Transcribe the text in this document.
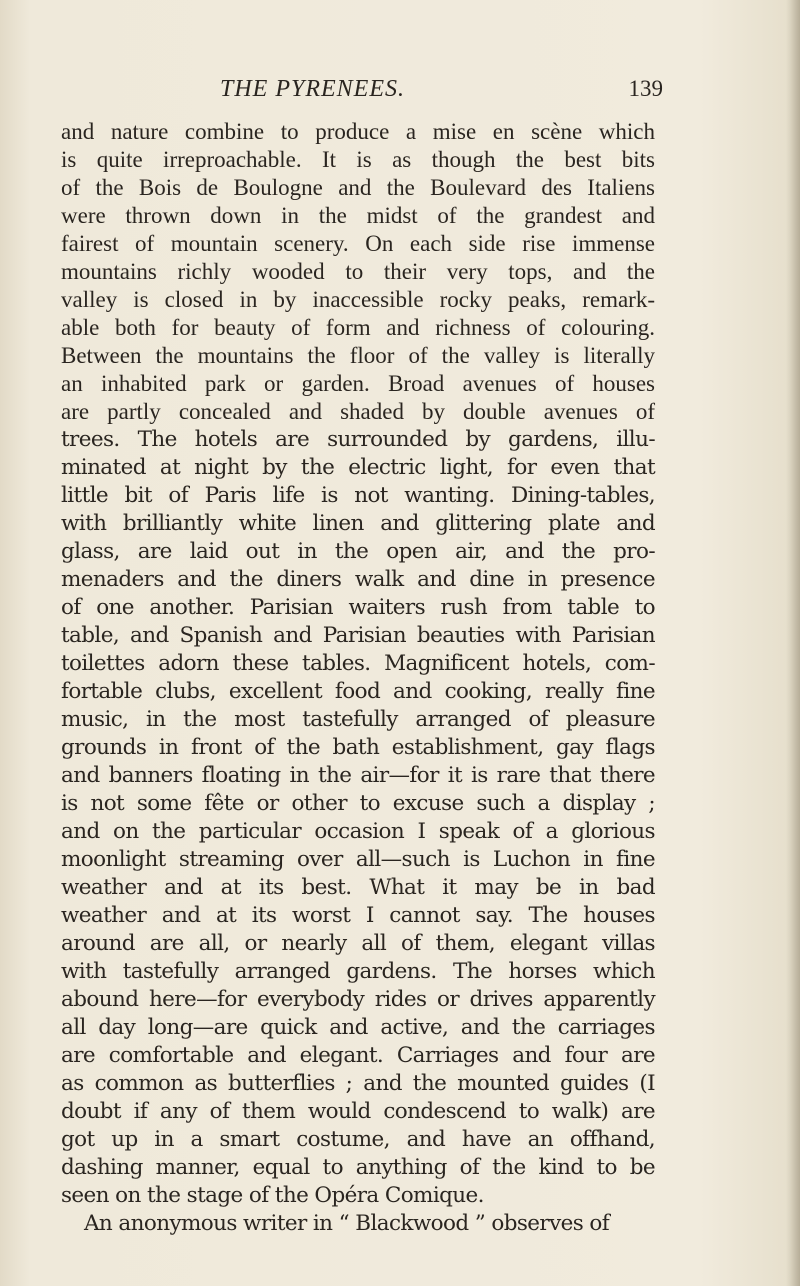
THE PYRENEES.	139
and nature combine to produce a mise en scène which
is quite irreproachable. It is as though the best bits
of the Bois de Boulogne and the Boulevard des Italiens
were thrown down in the midst of the grandest and
fairest of mountain scenery. On each side rise immense
mountains richly wooded to their very tops, and the
valley is closed in by inaccessible rocky peaks, remark-
able both for beauty of form and richness of colouring.
Between the mountains the floor of the valley is literally
an inhabited park or garden. Broad avenues of houses
are partly concealed and shaded by double avenues of
trees. The hotels are surrounded by gardens, illu-
minated at night by the electric light, for even that
little bit of Paris life is not wanting. Dining-tables,
with brilliantly white linen and glittering plate and
glass, are laid out in the open air, and the pro-
menaders and the diners walk and dine in presence
of one another. Parisian waiters rush from table to
table, and Spanish and Parisian beauties with Parisian
toilettes adorn these tables. Magnificent hotels, com-
fortable clubs, excellent food and cooking, really fine
music, in the most tastefully arranged of pleasure
grounds in front of the bath establishment, gay flags
and banners floating in the air—for it is rare that there
is not some fête or other to excuse such a display ;
and on the particular occasion I speak of a glorious
moonlight streaming over all—such is Luchon in fine
weather and at its best. What it may be in bad
weather and at its worst I cannot say. The houses
around are all, or nearly all of them, elegant villas
with tastefully arranged gardens. The horses which
abound here—for everybody rides or drives apparently
all day long—are quick and active, and the carriages
are comfortable and elegant. Carriages and four are
as common as butterflies ; and the mounted guides (I
doubt if any of them would condescend to walk) are
got up in a smart costume, and have an offhand,
dashing manner, equal to anything of the kind to be
seen on the stage of the Opéra Comique.
An anonymous writer in “ Blackwood ” observes of
